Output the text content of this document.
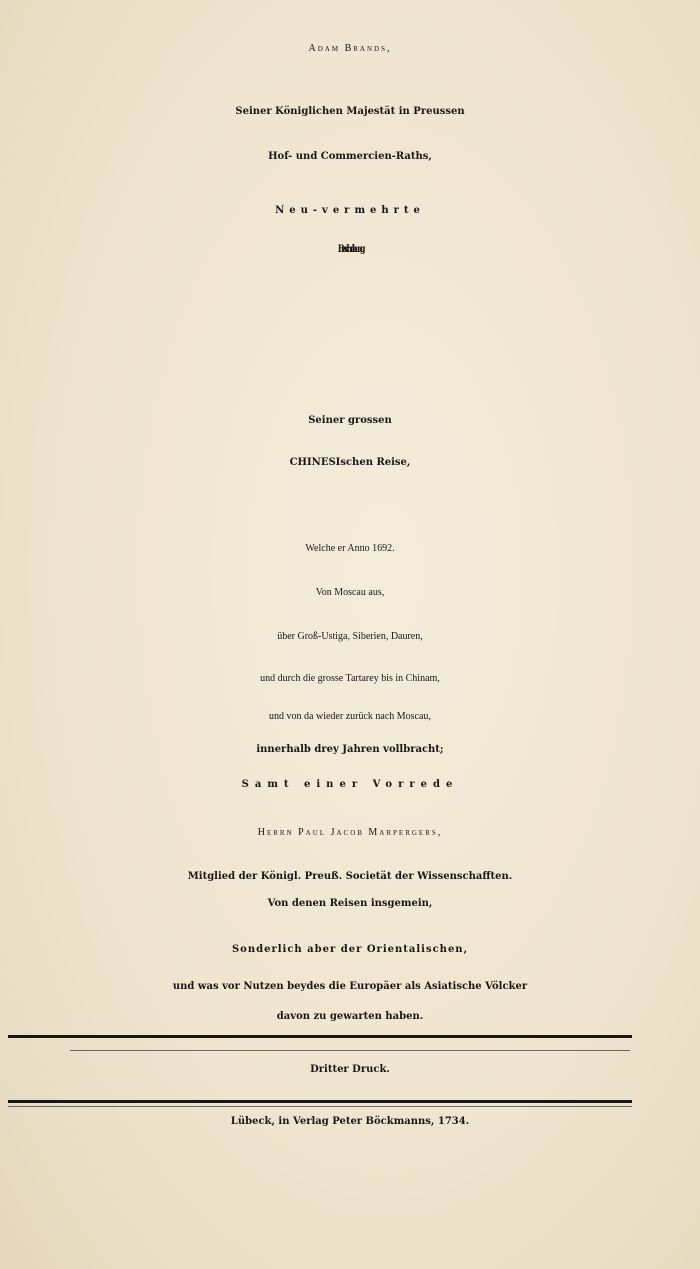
Adam Brands,

Seiner Königlichen Majestät in Preussen

Hof- und Commercien-Raths,

Neu-vermehrte

Beschreibung

Seiner grossen

CHINESIschen Reise,

Welche er Anno 1692.

Von Moscau aus,

über Groß-Ustiga, Siberien, Dauren,

und durch die grosse Tartarey bis in Chinam,

und von da wieder zurück nach Moscau,

innerhalb drey Jahren vollbracht;

Samt einer Vorrede

Herrn Paul Jacob Marpergers,

Mitglied der Königl. Preuß. Societät der Wissenschafften.

Von denen Reisen insgemein,

Sonderlich aber der Orientalischen,

und was vor Nutzen beydes die Europäer als Asiatische Völcker

davon zu gewarten haben.

Dritter Druck.

Lübeck, in Verlag Peter Böckmanns, 1734.
